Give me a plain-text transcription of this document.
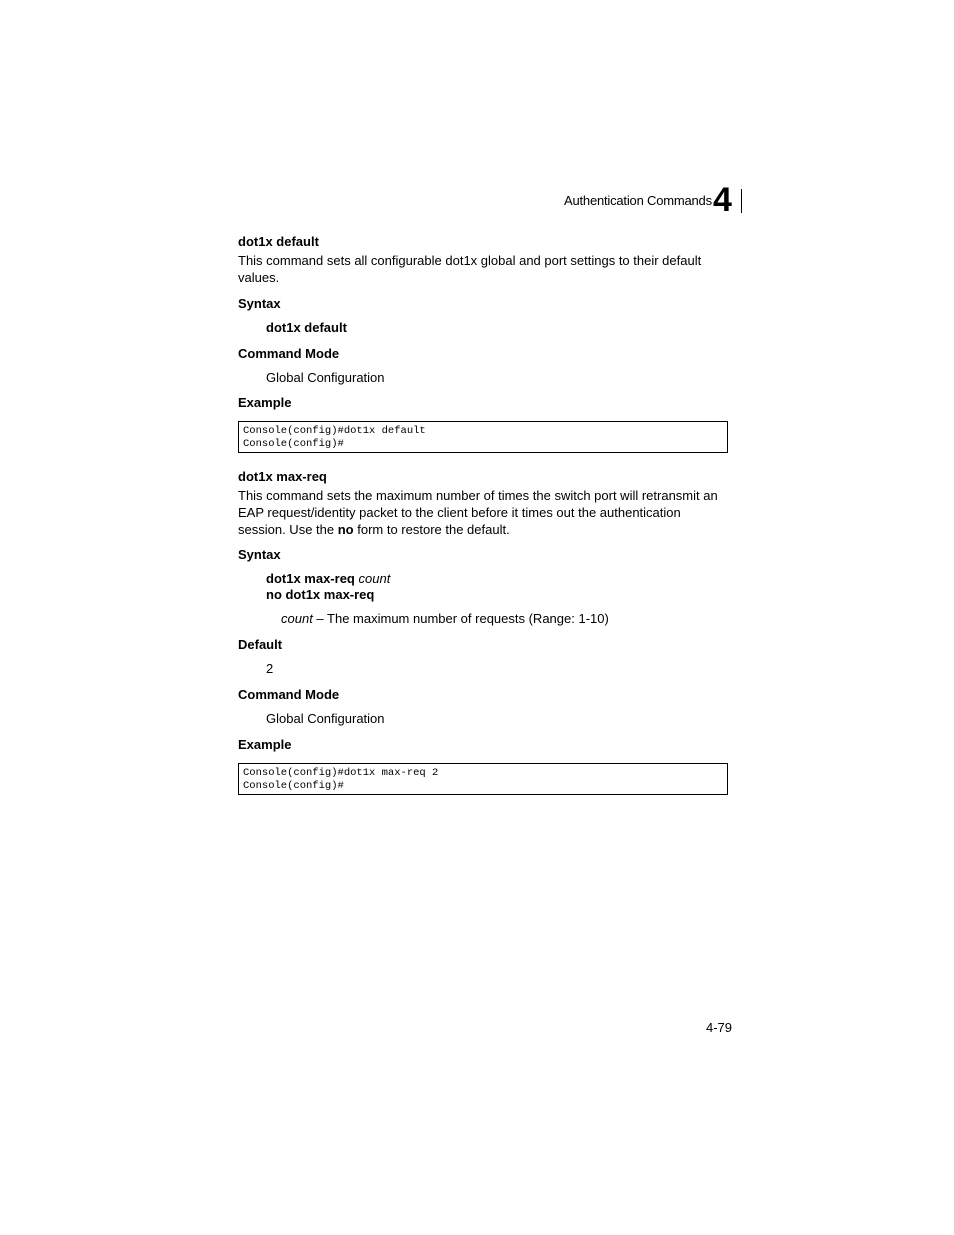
Authentication Commands 4
dot1x default
This command sets all configurable dot1x global and port settings to their default
values.
Syntax
dot1x default
Command Mode
Global Configuration
Example
Console(config)#dot1x default
Console(config)#
dot1x max-req
This command sets the maximum number of times the switch port will retransmit an
EAP request/identity packet to the client before it times out the authentication
session. Use the no form to restore the default.
Syntax
dot1x max-req count
no dot1x max-req
count – The maximum number of requests (Range: 1-10)
Default
2
Command Mode
Global Configuration
Example
Console(config)#dot1x max-req 2
Console(config)#
4-79
